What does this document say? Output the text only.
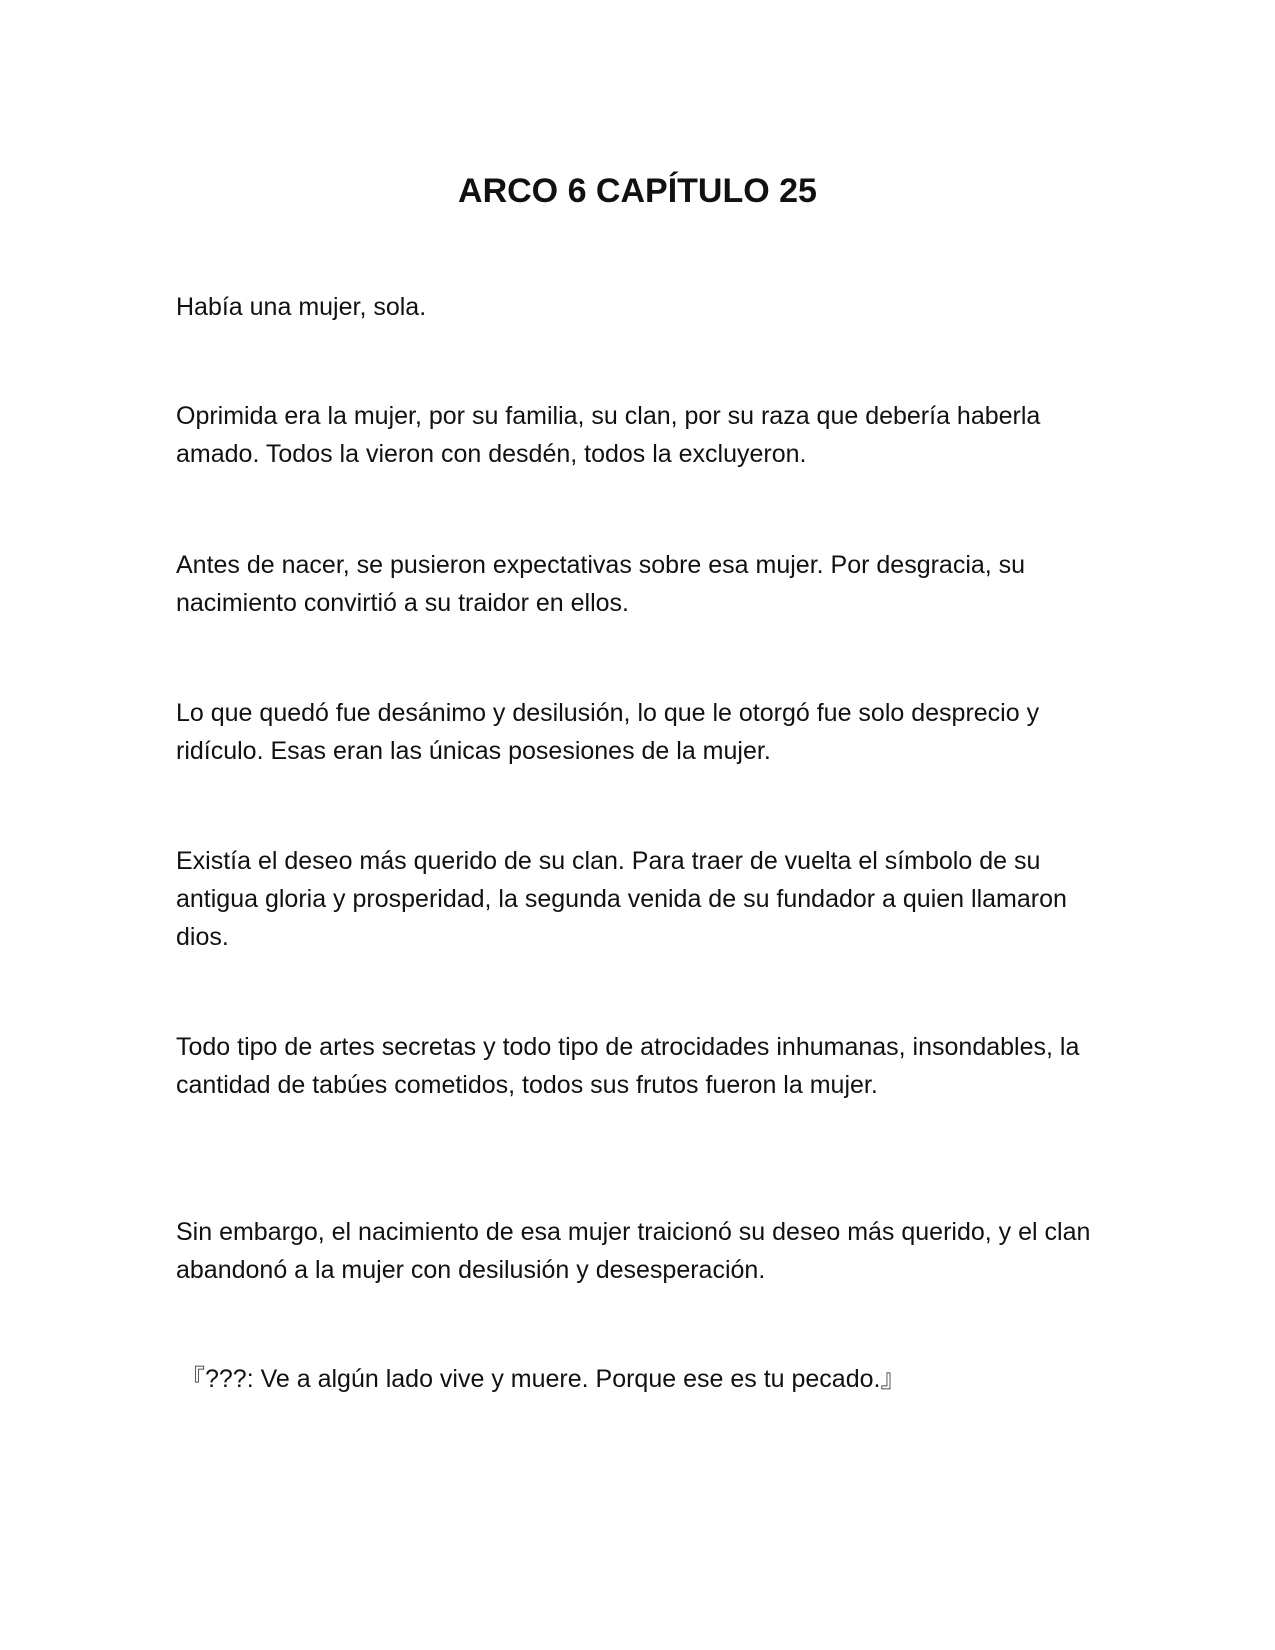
ARCO 6 CAPÍTULO 25

Había una mujer, sola.

Oprimida era la mujer, por su familia, su clan, por su raza que debería haberla amado. Todos la vieron con desdén, todos la excluyeron.

Antes de nacer, se pusieron expectativas sobre esa mujer. Por desgracia, su nacimiento convirtió a su traidor en ellos.

Lo que quedó fue desánimo y desilusión, lo que le otorgó fue solo desprecio y ridículo. Esas eran las únicas posesiones de la mujer.

Existía el deseo más querido de su clan. Para traer de vuelta el símbolo de su antigua gloria y prosperidad, la segunda venida de su fundador a quien llamaron dios.

Todo tipo de artes secretas y todo tipo de atrocidades inhumanas, insondables, la cantidad de tabúes cometidos, todos sus frutos fueron la mujer.

Sin embargo, el nacimiento de esa mujer traicionó su deseo más querido, y el clan abandonó a la mujer con desilusión y desesperación.

『???: Ve a algún lado vive y muere. Porque ese es tu pecado.』
